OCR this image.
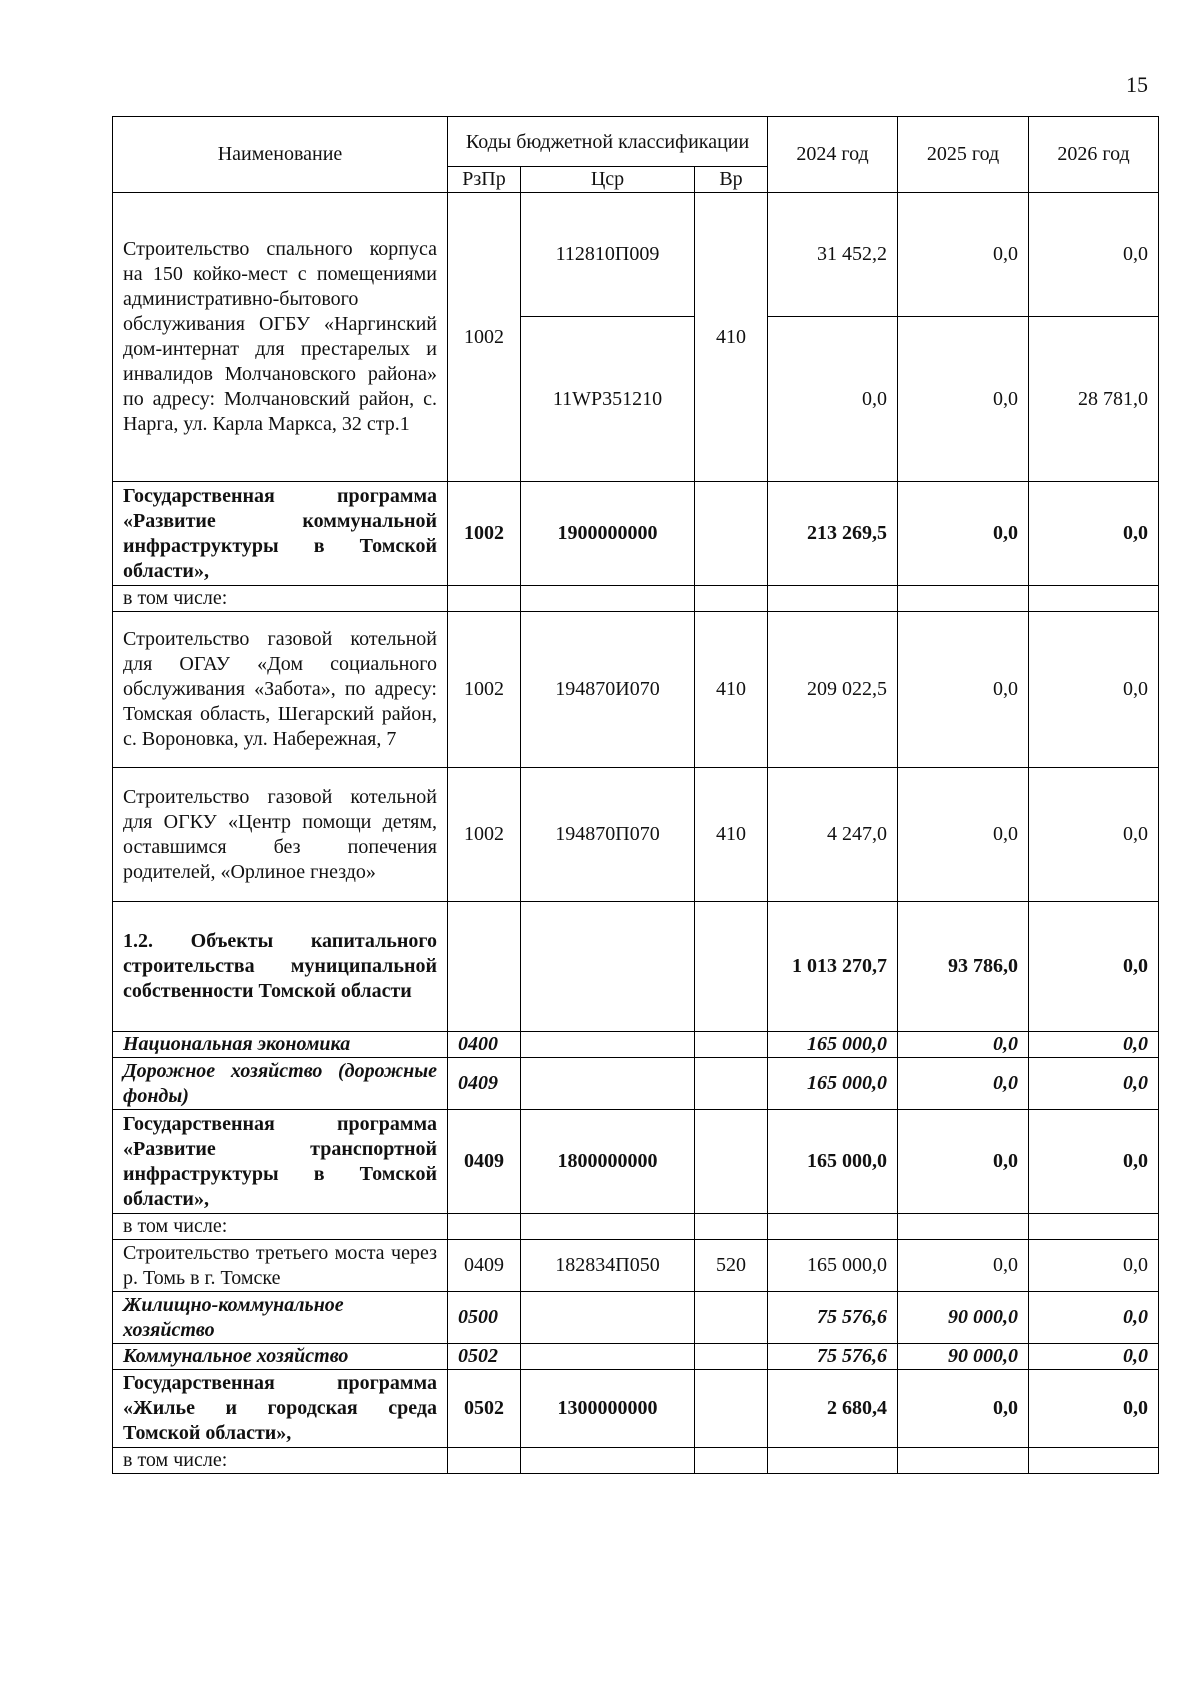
15
Наименование	Коды бюджетной классификации			2024 год	2025 год	2026 год
	РзПр	Цср	Вр			
Строительство спального корпуса на 150 койко-мест с помещениями административно-бытового обслуживания ОГБУ «Наргинский дом-интернат для престарелых и инвалидов Молчановского района» по адресу: Молчановский район, с. Нарга, ул. Карла Маркса, 32 стр.1	1002	112810П009	410	31 452,2	0,0	0,0
		11WP351210		0,0	0,0	28 781,0
Государственная программа «Развитие коммунальной инфраструктуры в Томской области»,	1002	1900000000		213 269,5	0,0	0,0
в том числе:						
Строительство газовой котельной для ОГАУ «Дом социального обслуживания «Забота», по адресу: Томская область, Шегарский район, с. Вороновка, ул. Набережная, 7	1002	194870И070	410	209 022,5	0,0	0,0
Строительство газовой котельной для ОГКУ «Центр помощи детям, оставшимся без попечения родителей, «Орлиное гнездо»	1002	194870П070	410	4 247,0	0,0	0,0
1.2. Объекты капитального строительства муниципальной собственности Томской области				1 013 270,7	93 786,0	0,0
Национальная экономика	0400			165 000,0	0,0	0,0
Дорожное хозяйство (дорожные фонды)	0409			165 000,0	0,0	0,0
Государственная программа «Развитие транспортной инфраструктуры в Томской области»,	0409	1800000000		165 000,0	0,0	0,0
в том числе:						
Строительство третьего моста через р. Томь в г. Томске	0409	182834П050	520	165 000,0	0,0	0,0
Жилищно-коммунальное хозяйство	0500			75 576,6	90 000,0	0,0
Коммунальное хозяйство	0502			75 576,6	90 000,0	0,0
Государственная программа «Жилье и городская среда Томской области»,	0502	1300000000		2 680,4	0,0	0,0
в том числе:						
